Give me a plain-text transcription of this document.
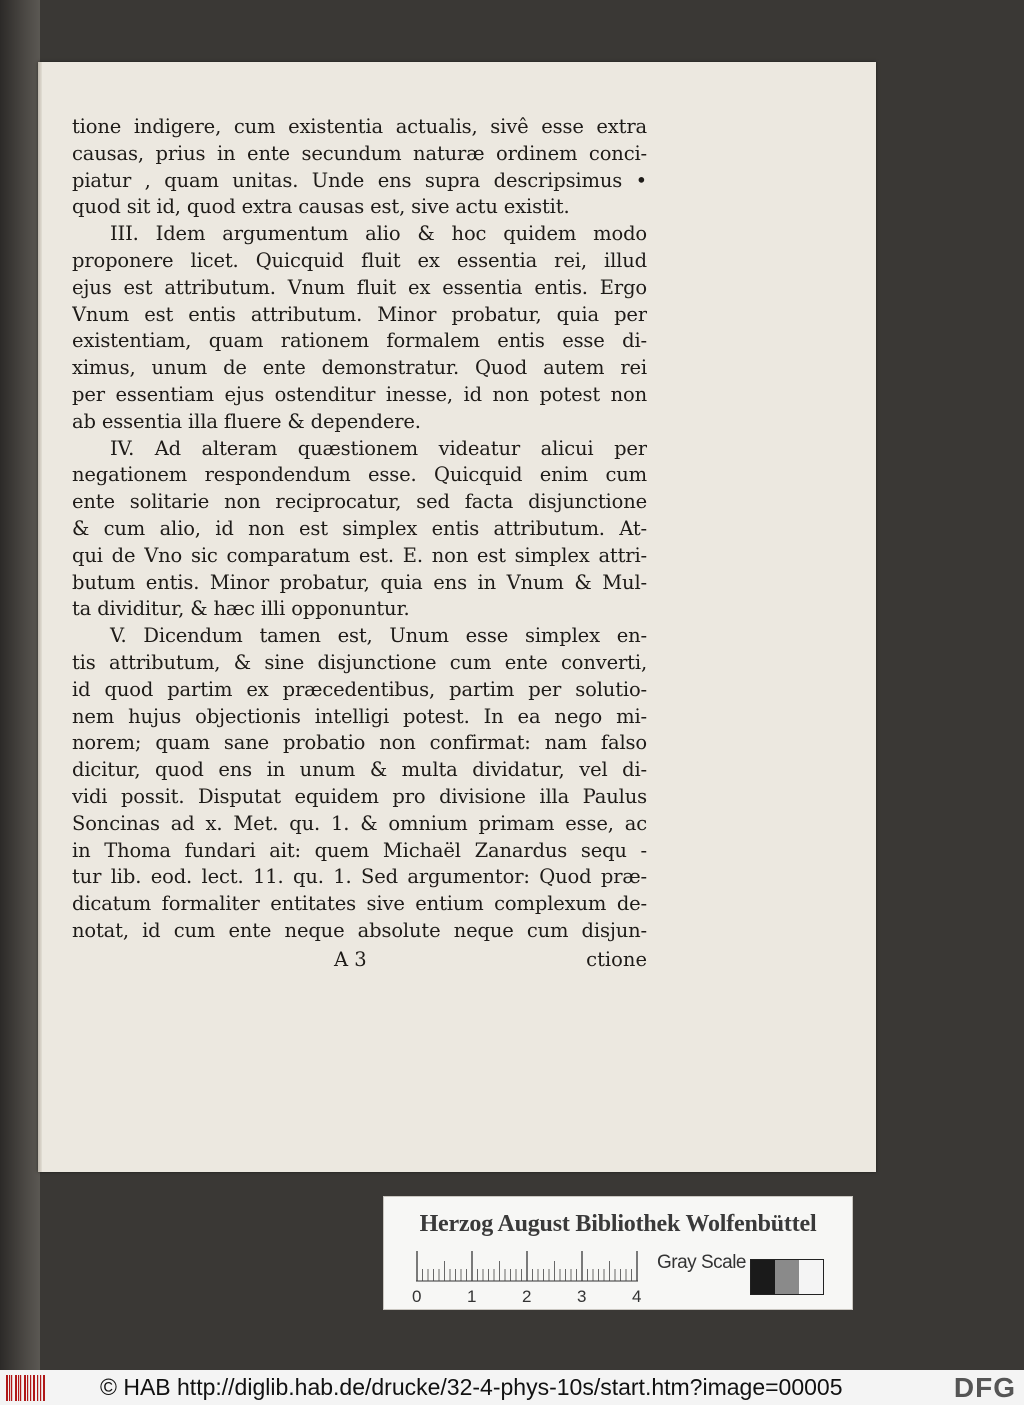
tione indigere, cum existentia actualis, sivê esse extra
causas, prius in ente secundum naturæ ordinem conci-
piatur , quam unitas. Unde ens supra descripsimus •
quod sit id, quod extra causas est, sive actu existit.
III. Idem argumentum alio & hoc quidem modo
proponere licet. Quicquid fluit ex essentia rei, illud
ejus est attributum. Vnum fluit ex essentia entis. Ergo
Vnum est entis attributum. Minor probatur, quia per
existentiam, quam rationem formalem entis esse di-
ximus, unum de ente demonstratur. Quod autem rei
per essentiam ejus ostenditur inesse, id non potest non
ab essentia illa fluere & dependere.
IV. Ad alteram quæstionem videatur alicui per
negationem respondendum esse. Quicquid enim cum
ente solitarie non reciprocatur, sed facta disjunctione
& cum alio, id non est simplex entis attributum. At-
qui de Vno sic comparatum est. E. non est simplex attri-
butum entis. Minor probatur, quia ens in Vnum & Mul-
ta dividitur, & hæc illi opponuntur.
V. Dicendum tamen est, Unum esse simplex en-
tis attributum, & sine disjunctione cum ente converti,
id quod partim ex præcedentibus, partim per solutio-
nem hujus objectionis intelligi potest. In ea nego mi-
norem; quam sane probatio non confirmat: nam falso
dicitur, quod ens in unum & multa dividatur, vel di-
vidi possit. Disputat equidem pro divisione illa Paulus
Soncinas ad x. Met. qu. 1. & omnium primam esse, ac
in Thoma fundari ait: quem Michaël Zanardus sequ -
tur lib. eod. lect. 11. qu. 1. Sed argumentor: Quod præ-
dicatum formaliter entitates sive entium complexum de-
notat, id cum ente neque absolute neque cum disjun-
A 3	ctione
Herzog August Bibliothek Wolfenbüttel
0	1	2	3	4
Gray Scale
© HAB http://diglib.hab.de/drucke/32-4-phys-10s/start.htm?image=00005	DFG
